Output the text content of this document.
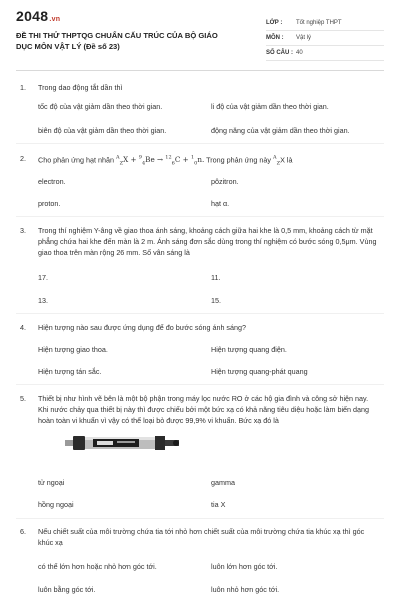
2048.vn
ĐỀ THI THỬ THPTQG CHUẨN CẤU TRÚC CỦA BỘ GIÁO DỤC MÔN VẬT LÝ (Đề số 23)
LỚP :	Tốt nghiệp THPT
MÔN :	Vật lý
SỐ CÂU : 40
1. Trong dao động tắt dần thì
tốc độ của vật giảm dần theo thời gian.	li độ của vật giảm dần theo thời gian.
biên độ của vật giảm dần theo thời gian.	động năng của vật giảm dần theo thời gian.
2. Cho phản ứng hạt nhân $^A_Z$X + $^9_4$Be → $^{12}_6$C + $^1_0$n. Trong phản ứng này $^A_Z$X là
electron.	pôzitron.
proton.	hạt α.
3. Trong thí nghiệm Y-âng về giao thoa ánh sáng, khoảng cách giữa hai khe là 0,5 mm, khoảng cách từ mặt phẳng chứa hai khe đến màn là 2 m. Ánh sáng đơn sắc dùng trong thí nghiệm có bước sóng 0,5μm. Vùng giao thoa trên màn rộng 26 mm. Số vân sáng là
17.	11.
13.	15.
4. Hiện tượng nào sau được ứng dụng để đo bước sóng ánh sáng?
Hiện tượng giao thoa.	Hiện tượng quang điện.
Hiện tượng tán sắc.	Hiện tượng quang-phát quang
5. Thiết bị như hình vẽ bên là một bộ phận trong máy lọc nước RO ở các hộ gia đình và công sở hiện nay. Khi nước chảy qua thiết bị này thì được chiếu bởi một bức xạ có khả năng tiêu diệu hoặc làm biến dạng hoàn toàn vi khuẩn vì vậy có thể loại bỏ được 99,9% vi khuẩn. Bức xạ đó là
tử ngoại	gamma
hồng ngoại	tia X
6. Nếu chiết suất của môi trường chứa tia tới nhỏ hơn chiết suất của môi trường chứa tia khúc xạ thì góc khúc xạ
có thể lớn hơn hoặc nhỏ hơn góc tới.	luôn lớn hơn góc tới.
luôn bằng góc tới.	luôn nhỏ hơn góc tới.
